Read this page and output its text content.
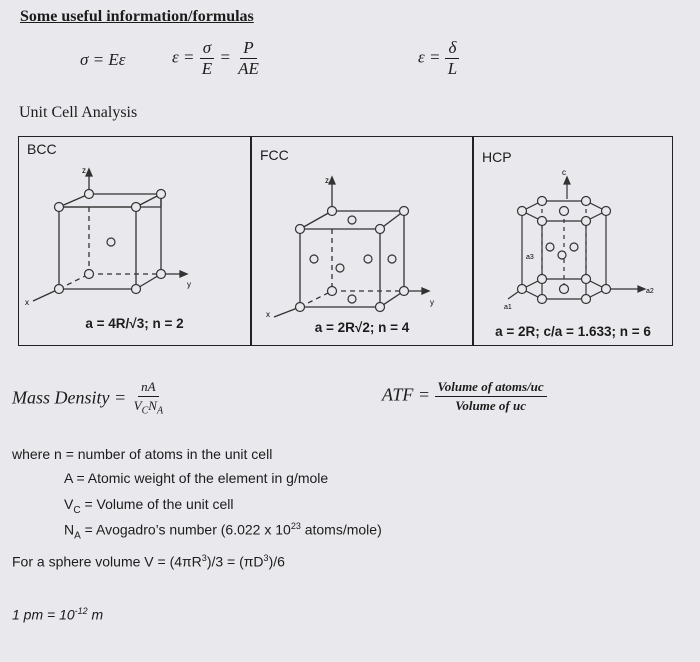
Some useful information/formulas
σ = Eε	$\varepsilon = \frac{\sigma}{E} = \frac{P}{AE}$	$\varepsilon = \frac{\delta}{L}$
Unit Cell Analysis
BCC
z
y
x
a = 4R/√3; n = 2
FCC
z
y
x
a = 2R√2; n = 4
HCP
c
a1
a2
a3
a = 2R; c/a = 1.633; n = 6
Mass Density = $\frac{nA}{V_CN_A}$	ATF = $\frac{\text{Volume of atoms/uc}}{\text{Volume of uc}}$
where n = number of atoms in the unit cell
A = Atomic weight of the element in g/mole
$V_C$ = Volume of the unit cell
$N_A$ = Avogadro’s number (6.022 x $10^{23}$ atoms/mole)
For a sphere volume $V = (4\pi R^3)/3 = (\pi D^3)/6$
1 pm = $10^{-12}$ m
